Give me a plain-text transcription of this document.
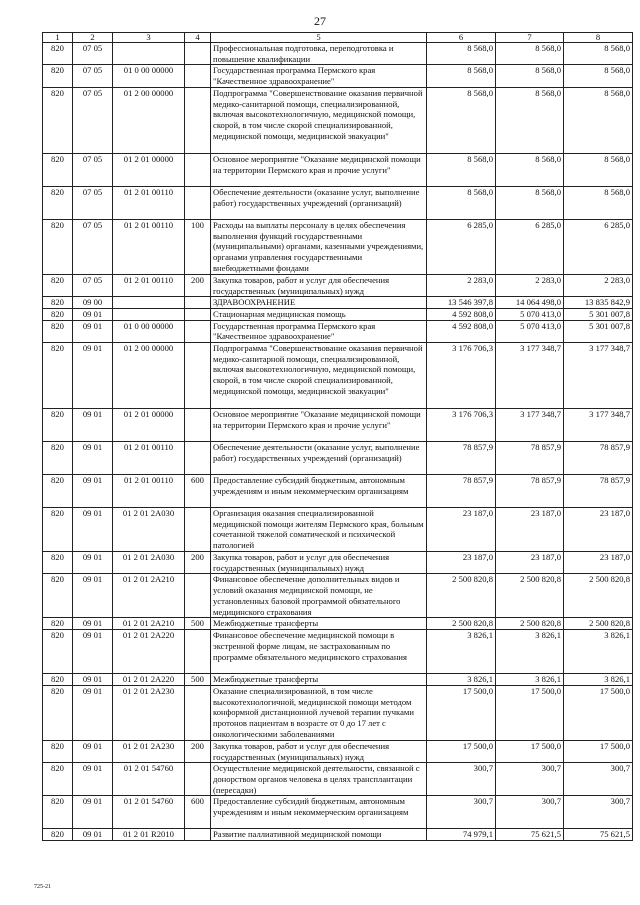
27
1	2	3	4	5	6	7	8
820	07 05			Профессиональная подготовка, переподготовка и повышение квалификации	8 568,0	8 568,0	8 568,0
820	07 05	01 0 00 00000		Государственная программа Пермского края "Качественное здравоохранение"	8 568,0	8 568,0	8 568,0
820	07 05	01 2 00 00000		Подпрограмма "Совершенствование оказания первичной медико-санитарной помощи, специализированной, включая высокотехнологичную, медицинской помощи, скорой, в том числе скорой специализированной, медицинской помощи, медицинской эвакуации"	8 568,0	8 568,0	8 568,0
820	07 05	01 2 01 00000		Основное мероприятие "Оказание медицинской помощи на территории Пермского края и прочие услуги"	8 568,0	8 568,0	8 568,0
820	07 05	01 2 01 00110		Обеспечение деятельности (оказание услуг, выполнение работ) государственных учреждений (организаций)	8 568,0	8 568,0	8 568,0
820	07 05	01 2 01 00110	100	Расходы на выплаты персоналу в целях обеспечения выполнения функций государственными (муниципальными) органами, казенными учреждениями, органами управления государственными внебюджетными фондами	6 285,0	6 285,0	6 285,0
820	07 05	01 2 01 00110	200	Закупка товаров, работ и услуг для обеспечения государственных (муниципальных) нужд	2 283,0	2 283,0	2 283,0
820	09 00			ЗДРАВООХРАНЕНИЕ	13 546 397,8	14 064 498,0	13 835 842,9
820	09 01			Стационарная медицинская помощь	4 592 808,0	5 070 413,0	5 301 007,8
820	09 01	01 0 00 00000		Государственная программа Пермского края "Качественное здравоохранение"	4 592 808,0	5 070 413,0	5 301 007,8
820	09 01	01 2 00 00000		Подпрограмма "Совершенствование оказания первичной медико-санитарной помощи, специализированной, включая высокотехнологичную, медицинской помощи, скорой, в том числе скорой специализированной, медицинской помощи, медицинской эвакуации"	3 176 706,3	3 177 348,7	3 177 348,7
820	09 01	01 2 01 00000		Основное мероприятие "Оказание медицинской помощи на территории Пермского края и прочие услуги"	3 176 706,3	3 177 348,7	3 177 348,7
820	09 01	01 2 01 00110		Обеспечение деятельности (оказание услуг, выполнение работ) государственных учреждений (организаций)	78 857,9	78 857,9	78 857,9
820	09 01	01 2 01 00110	600	Предоставление субсидий бюджетным, автономным учреждениям и иным некоммерческим организациям	78 857,9	78 857,9	78 857,9
820	09 01	01 2 01 2А030		Организация оказания специализированной медицинской помощи жителям Пермского края, больным сочетанной тяжелой соматической и психической патологией	23 187,0	23 187,0	23 187,0
820	09 01	01 2 01 2А030	200	Закупка товаров, работ и услуг для обеспечения государственных (муниципальных) нужд	23 187,0	23 187,0	23 187,0
820	09 01	01 2 01 2А210		Финансовое обеспечение дополнительных видов и условий оказания медицинской помощи, не установленных базовой программой обязательного медицинского страхования	2 500 820,8	2 500 820,8	2 500 820,8
820	09 01	01 2 01 2А210	500	Межбюджетные трансферты	2 500 820,8	2 500 820,8	2 500 820,8
820	09 01	01 2 01 2А220		Финансовое обеспечение медицинской помощи в экстренной форме лицам, не застрахованным по программе обязательного медицинского страхования	3 826,1	3 826,1	3 826,1
820	09 01	01 2 01 2А220	500	Межбюджетные трансферты	3 826,1	3 826,1	3 826,1
820	09 01	01 2 01 2А230		Оказание специализированной, в том числе высокотехнологичной, медицинской помощи методом конформной дистанционной лучевой терапии пучками протонов пациентам в возрасте от 0 до 17 лет с онкологическими заболеваниями	17 500,0	17 500,0	17 500,0
820	09 01	01 2 01 2А230	200	Закупка товаров, работ и услуг для обеспечения государственных (муниципальных) нужд	17 500,0	17 500,0	17 500,0
820	09 01	01 2 01 54760		Осуществление медицинской деятельности, связанной с донорством органов человека в целях трансплантации (пересадки)	300,7	300,7	300,7
820	09 01	01 2 01 54760	600	Предоставление субсидий бюджетным, автономным учреждениям и иным некоммерческим организациям	300,7	300,7	300,7
820	09 01	01 2 01 R2010		Развитие паллиативной медицинской помощи	74 979,1	75 621,5	75 621,5
725-21
